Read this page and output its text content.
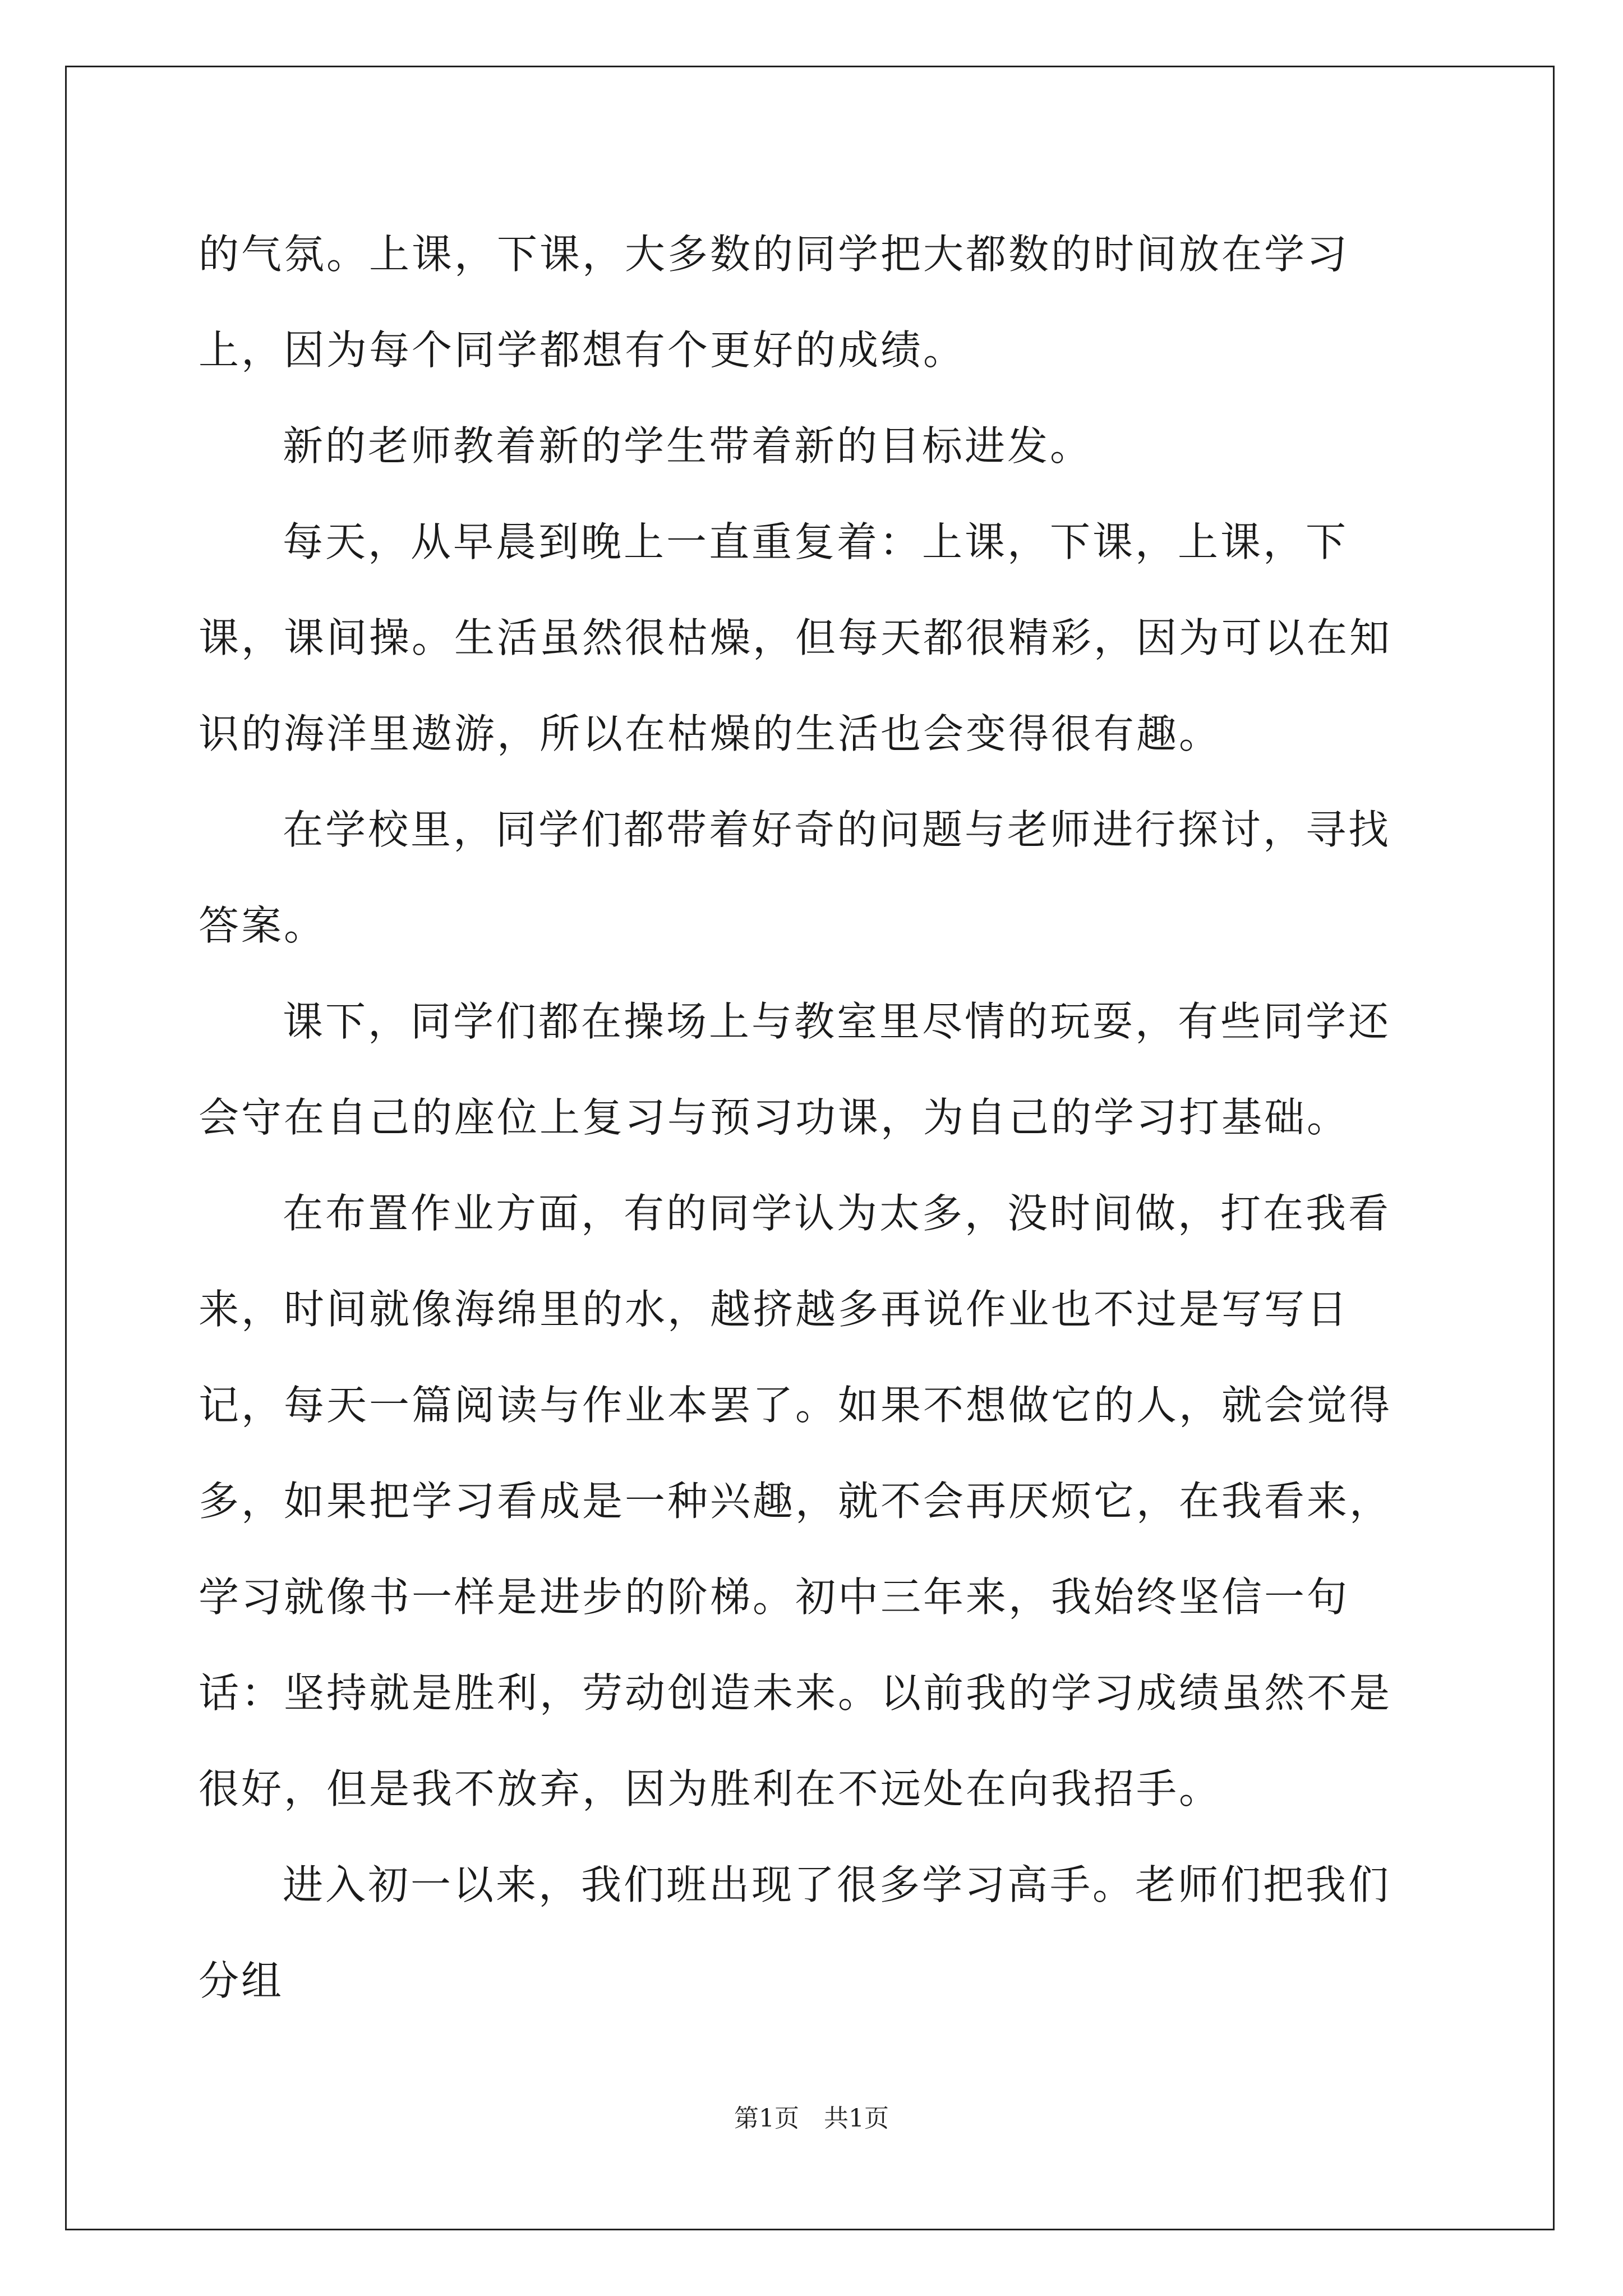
的气氛。上课，下课，大多数的同学把大都数的时间放在学习上，因为每个同学都想有个更好的成绩。

新的老师教着新的学生带着新的目标进发。

每天，从早晨到晚上一直重复着：上课，下课，上课，下课，课间操。生活虽然很枯燥，但每天都很精彩，因为可以在知识的海洋里遨游，所以在枯燥的生活也会变得很有趣。

在学校里，同学们都带着好奇的问题与老师进行探讨，寻找答案。

课下，同学们都在操场上与教室里尽情的玩耍，有些同学还会守在自己的座位上复习与预习功课，为自己的学习打基础。

在布置作业方面，有的同学认为太多，没时间做，打在我看来，时间就像海绵里的水，越挤越多再说作业也不过是写写日记，每天一篇阅读与作业本罢了。如果不想做它的人，就会觉得多，如果把学习看成是一种兴趣，就不会再厌烦它，在我看来，学习就像书一样是进步的阶梯。初中三年来，我始终坚信一句话：坚持就是胜利，劳动创造未来。以前我的学习成绩虽然不是很好，但是我不放弃，因为胜利在不远处在向我招手。

进入初一以来，我们班出现了很多学习高手。老师们把我们分组

第1页　共1页
